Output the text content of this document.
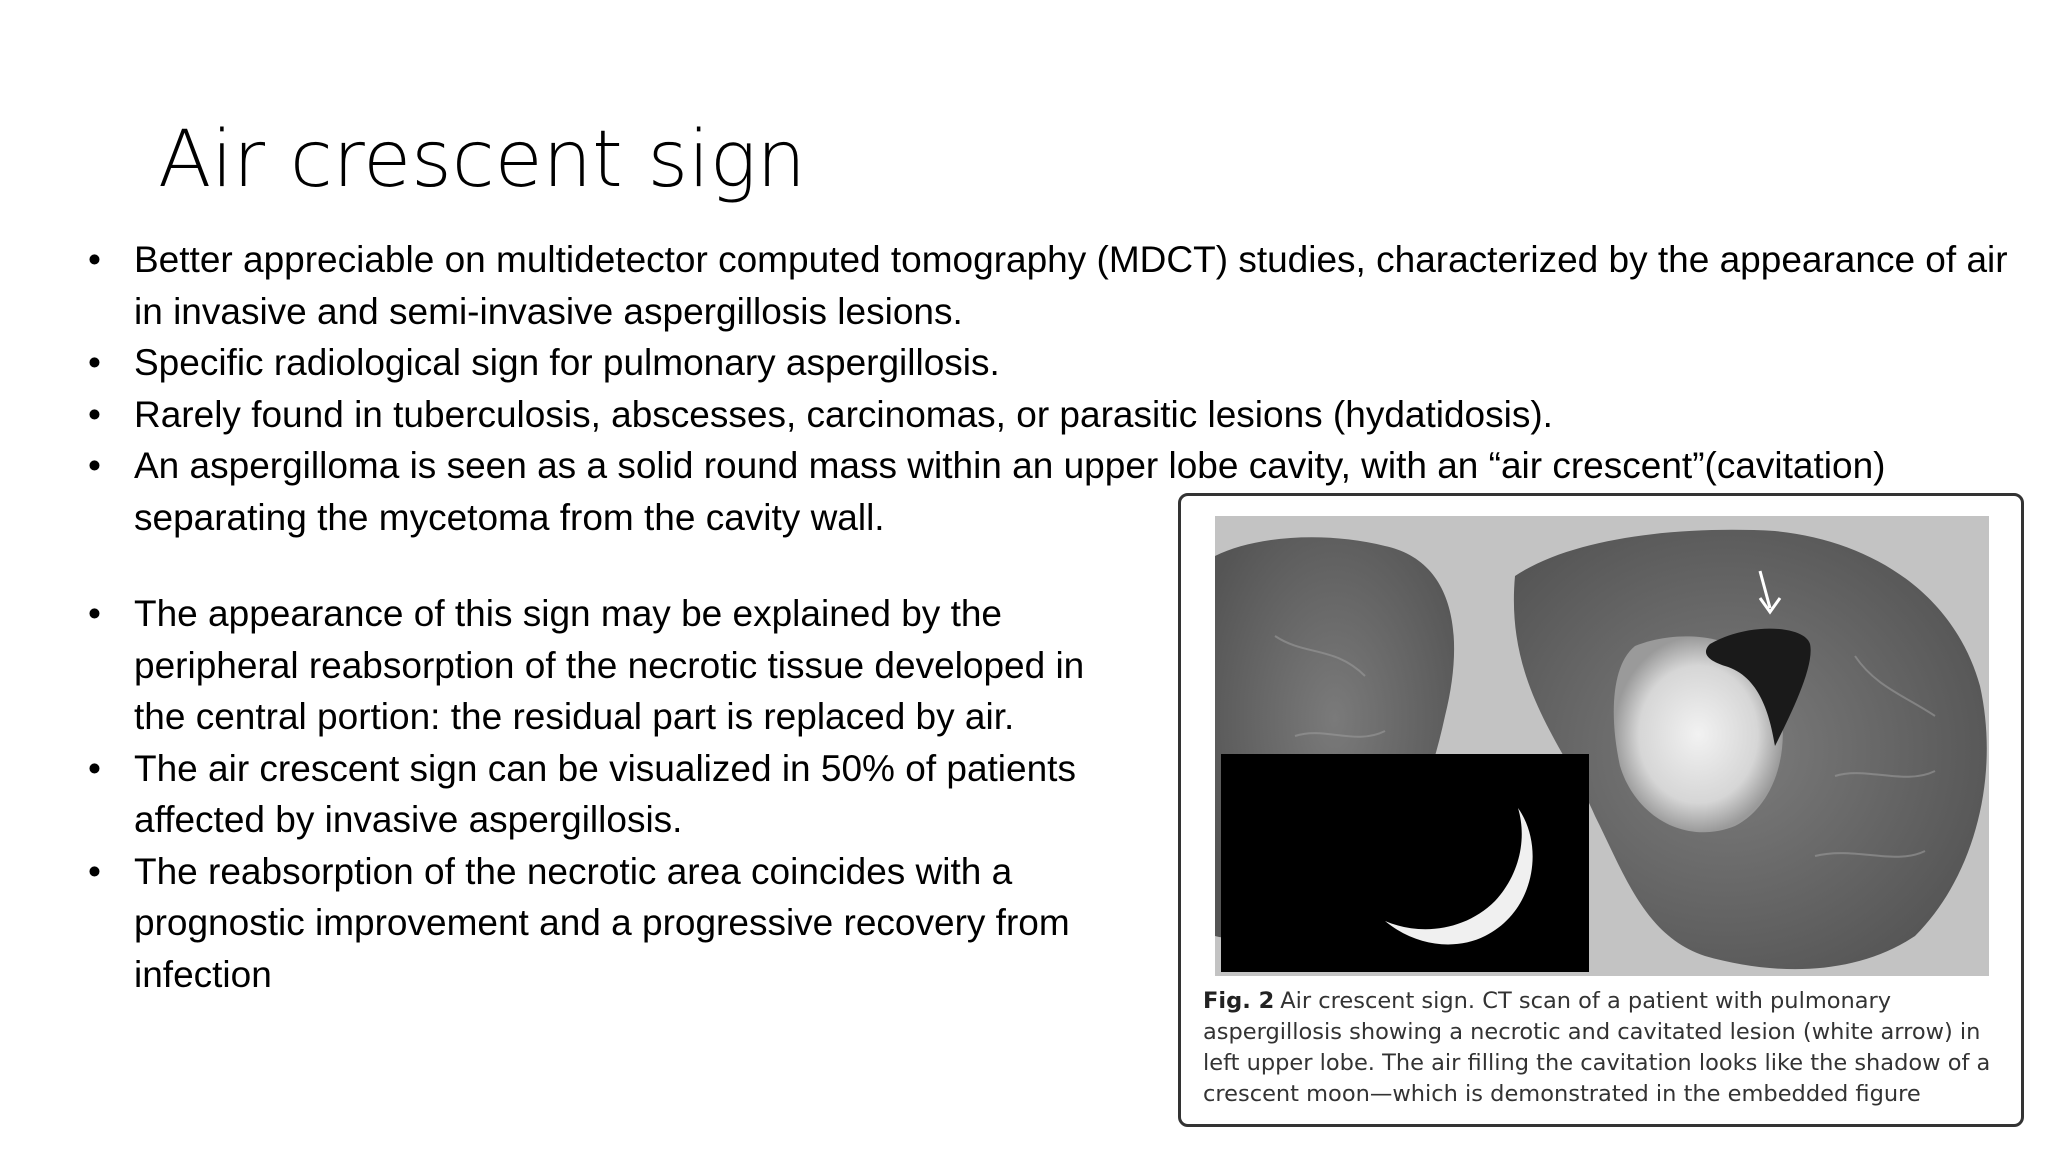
Air crescent sign
• Better appreciable on multidetector computed tomography (MDCT) studies, characterized by the appearance of air in invasive and semi-invasive aspergillosis lesions.
• Specific radiological sign for pulmonary aspergillosis.
• Rarely found in tuberculosis, abscesses, carcinomas, or parasitic lesions (hydatidosis).
• An aspergilloma is seen as a solid round mass within an upper lobe cavity, with an “air crescent”(cavitation) separating the mycetoma from the cavity wall.
• The appearance of this sign may be explained by the peripheral reabsorption of the necrotic tissue developed in the central portion: the residual part is replaced by air.
• The air crescent sign can be visualized in 50% of patients affected by invasive aspergillosis.
• The reabsorption of the necrotic area coincides with a prognostic improvement and a progressive recovery from infection
Fig. 2 Air crescent sign. CT scan of a patient with pulmonary aspergillosis showing a necrotic and cavitated lesion (white arrow) in left upper lobe. The air filling the cavitation looks like the shadow of a crescent moon—which is demonstrated in the embedded figure
